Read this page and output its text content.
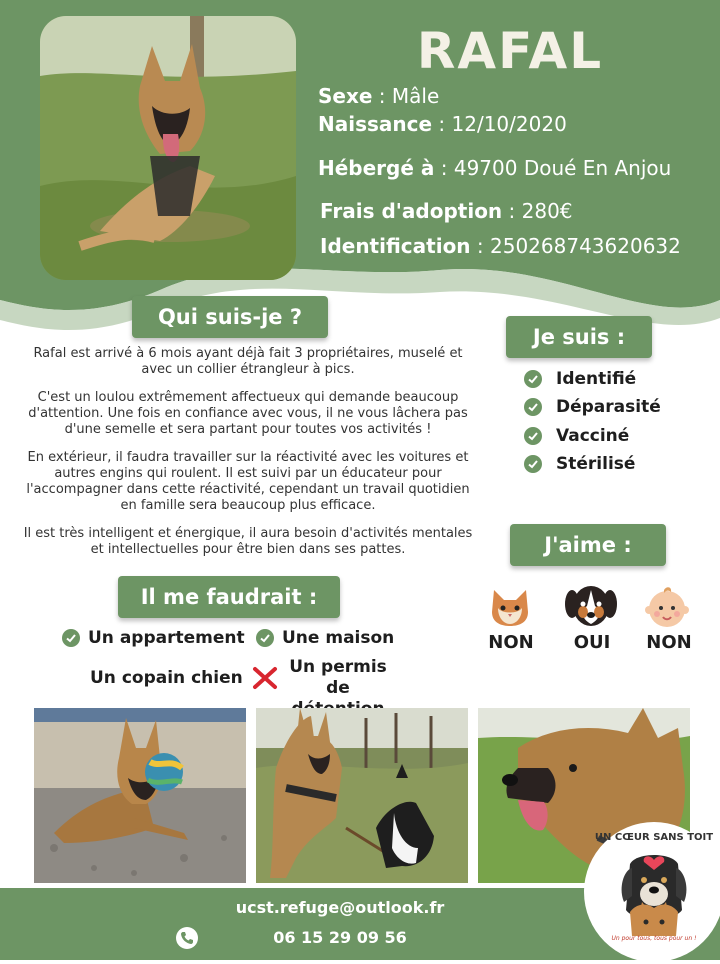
RAFAL
Sexe : Mâle
Naissance : 12/10/2020
Hébergé à : 49700 Doué En Anjou
Frais d'adoption : 280€
Identification : 250268743620632
Qui suis-je ?

Rafal est arrivé à 6 mois ayant déjà fait 3 propriétaires, muselé et avec un collier étrangleur à pics.

C'est un loulou extrêmement affectueux qui demande beaucoup d'attention. Une fois en confiance avec vous, il ne vous lâchera pas d'une semelle et sera partant pour toutes vos activités !

En extérieur, il faudra travailler sur la réactivité avec les voitures et autres engins qui roulent. Il est suivi par un éducateur pour l'accompagner dans cette réactivité, cependant un travail quotidien en famille sera beaucoup plus efficace.

Il est très intelligent et énergique, il aura besoin d'activités mentales et intellectuelles pour être bien dans ses pattes.

Je suis :
Identifié
Déparasité
Vacciné
Stérilisé
J'aime :
NON	OUI	NON
Il me faudrait :
Un appartement Une maison
Un copain chien
Un permis de
ucst.refuge@outlook.fr
06 15 29 09 56
UN CŒUR SANS TOIT
Un pour tous, tous pour un !
